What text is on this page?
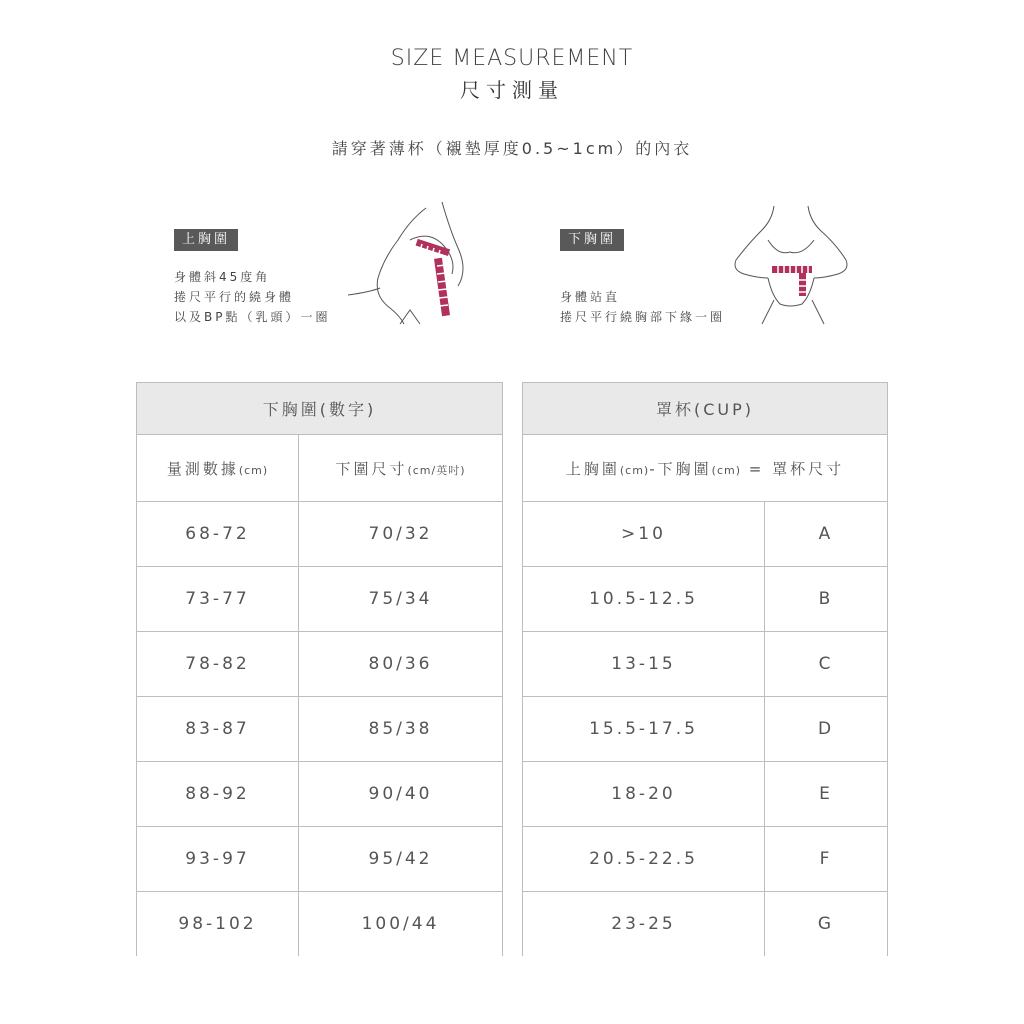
SIZE MEASUREMENT
尺寸測量
請穿著薄杯（襯墊厚度0.5~1cm）的內衣
上胸圍
身體斜45度角
捲尺平行的繞身體
以及BP點（乳頭）一圈
下胸圍
身體站直
捲尺平行繞胸部下緣一圈
下胸圍(數字)	
量測數據(cm)	下圍尺寸(cm/英吋)
68-72	70/32
73-77	75/34
78-82	80/36
83-87	85/38
88-92	90/40
93-97	95/42
98-102	100/44
罩杯(CUP)	
上胸圍(cm)-下胸圍(cm) = 罩杯尺寸	
>10	A
10.5-12.5	B
13-15	C
15.5-17.5	D
18-20	E
20.5-22.5	F
23-25	G
